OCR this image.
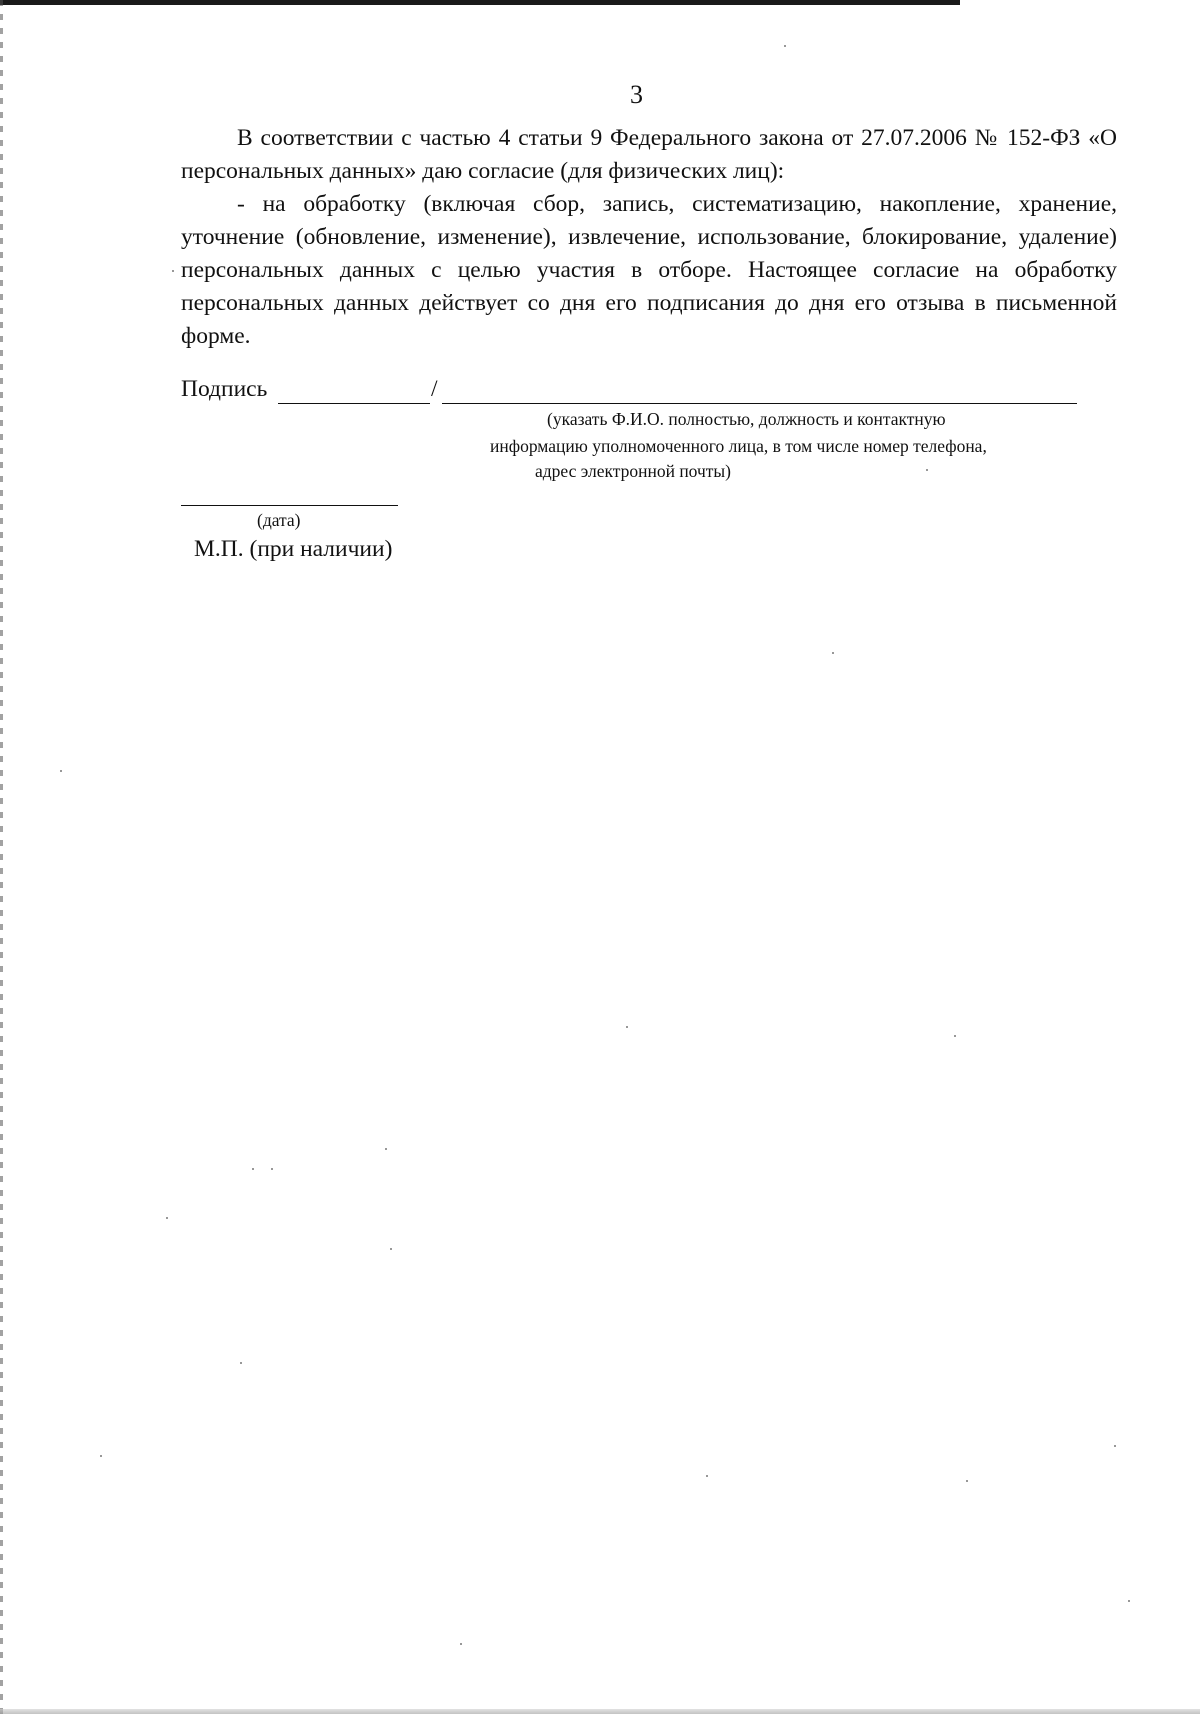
3

В соответствии с частью 4 статьи 9 Федерального закона от 27.07.2006 № 152-ФЗ «О персональных данных» даю согласие (для физических лиц):

- на обработку (включая сбор, запись, систематизацию, накопление, хранение, уточнение (обновление, изменение), извлечение, использование, блокирование, удаление) персональных данных с целью участия в отборе. Настоящее согласие на обработку персональных данных действует со дня его подписания до дня его отзыва в письменной форме.

Подпись	/
(указать Ф.И.О. полностью, должность и контактную
информацию уполномоченного лица, в том числе номер телефона,
адрес электронной почты)
(дата)
М.П. (при наличии)
